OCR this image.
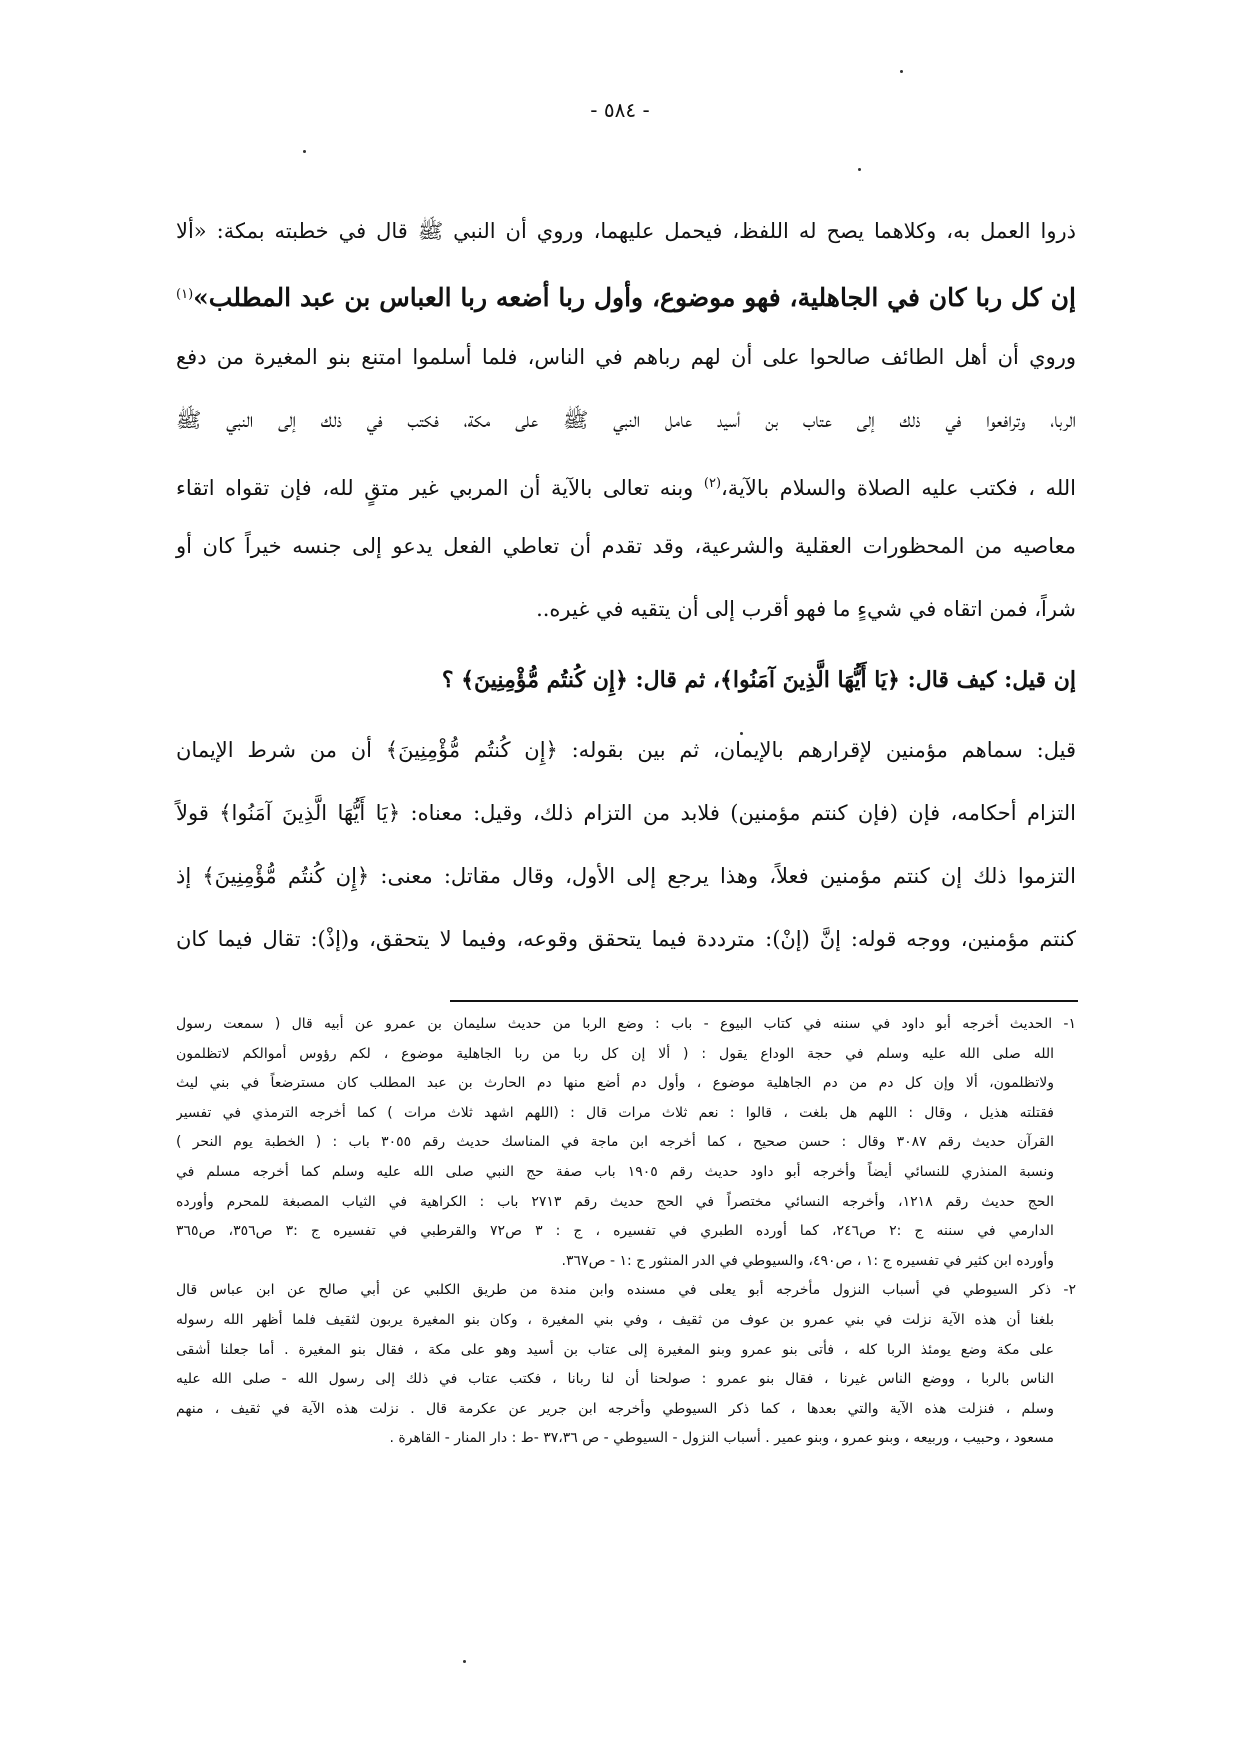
- ٥٨٤ -
ذروا العمل به، وكلاهما يصح له اللفظ، فيحمل عليهما، وروي أن النبي ﷺ قال في خطبته بمكة: «ألا
إن كل ربا كان في الجاهلية، فهو موضوع، وأول ربا أضعه ربا العباس بن عبد المطلب»$^{(١)}$
وروي أن أهل الطائف صالحوا على أن لهم رباهم في الناس، فلما أسلموا امتنع بنو المغيرة من دفع
الربا، وترافعوا في ذلك إلى عتاب بن أسيد عامل النبي ﷺ على مكة، فكتب في ذلك إلى النبي ﷺ
الله ، فكتب عليه الصلاة والسلام بالآية،$^{(٢)}$ وبنه تعالى بالآية أن المربي غير متقٍ لله، فإن تقواه اتقاء
معاصيه من المحظورات العقلية والشرعية، وقد تقدم أن تعاطي الفعل يدعو إلى جنسه خيراً كان أو
شراً، فمن اتقاه في شيءٍ ما فهو أقرب إلى أن يتقيه في غيره..
إن قيل: كيف قال: ﴿يَا أَيُّهَا الَّذِينَ آمَنُوا﴾، ثم قال: ﴿إِن كُنتُم مُّؤْمِنِينَ﴾ ؟
قيل: سماهم مؤمنين لإقرارهم بالإيمان، ثم بين بقوله: ﴿إِن كُنتُم مُّؤْمِنِينَ﴾ أن من شرط الإيمان
التزام أحكامه، فإن (فإن كنتم مؤمنين) فلابد من التزام ذلك، وقيل: معناه: ﴿يَا أَيُّهَا الَّذِينَ آمَنُوا﴾ قولاً
التزموا ذلك إن كنتم مؤمنين فعلاً، وهذا يرجع إلى الأول، وقال مقاتل: معنى: ﴿إِن كُنتُم مُّؤْمِنِينَ﴾ إذ
كنتم مؤمنين، ووجه قوله: إنَّ (إنْ): مترددة فيما يتحقق وقوعه، وفيما لا يتحقق، و(إذْ): تقال فيما كان
١- الحديث أخرجه أبو داود في سننه في كتاب البيوع - باب : وضع الربا من حديث سليمان بن عمرو عن أبيه قال ( سمعت رسول
الله صلى الله عليه وسلم في حجة الوداع يقول : ( ألا إن كل ربا من ربا الجاهلية موضوع ، لكم رؤوس أموالكم لاتظلمون
ولاتظلمون، ألا وإن كل دم من دم الجاهلية موضوع ، وأول دم أضع منها دم الحارث بن عبد المطلب كان مسترضعاً في بني ليث
فقتلته هذيل ، وقال : اللهم هل بلغت ، قالوا : نعم ثلاث مرات قال : (اللهم اشهد ثلاث مرات ) كما أخرجه الترمذي في تفسير
القرآن حديث رقم ٣٠٨٧ وقال : حسن صحيح ، كما أخرجه ابن ماجة في المناسك حديث رقم ٣٠٥٥ باب : ( الخطبة يوم النحر )
ونسبة المنذري للنسائي أيضاً وأخرجه أبو داود حديث رقم ١٩٠٥ باب صفة حج النبي صلى الله عليه وسلم كما أخرجه مسلم في
الحج حديث رقم ١٢١٨، وأخرجه النسائي مختصراً في الحج حديث رقم ٢٧١٣ باب : الكراهية في الثياب المصبغة للمحرم وأورده
الدارمي في سننه ج :٢ ص٢٤٦، كما أورده الطبري في تفسيره ، ج : ٣ ص٧٢ والقرطبي في تفسيره ج :٣ ص٣٥٦، ص٣٦٥
وأورده ابن كثير في تفسيره ج :١ ، ص٤٩٠، والسيوطي في الدر المنثور ج :١ - ص٣٦٧.
٢- ذكر السيوطي في أسباب النزول مأخرجه أبو يعلى في مسنده وابن مندة من طريق الكلبي عن أبي صالح عن ابن عباس قال
بلغنا أن هذه الآية نزلت في بني عمرو بن عوف من ثقيف ، وفي بني المغيرة ، وكان بنو المغيرة يربون لثقيف فلما أظهر الله رسوله
على مكة وضع يومئذ الربا كله ، فأتى بنو عمرو وبنو المغيرة إلى عتاب بن أسيد وهو على مكة ، فقال بنو المغيرة . أما جعلنا أشقى
الناس بالربا ، ووضع الناس غيرنا ، فقال بنو عمرو : صولحنا أن لنا ربانا ، فكتب عتاب في ذلك إلى رسول الله - صلى الله عليه
وسلم ، فنزلت هذه الآية والتي بعدها ، كما ذكر السيوطي وأخرجه ابن جرير عن عكرمة قال . نزلت هذه الآية في ثقيف ، منهم
مسعود ، وحبيب ، وربيعه ، وبنو عمرو ، وبنو عمير . أسباب النزول - السيوطي - ص ٣٧،٣٦ -ط : دار المنار - القاهرة .
